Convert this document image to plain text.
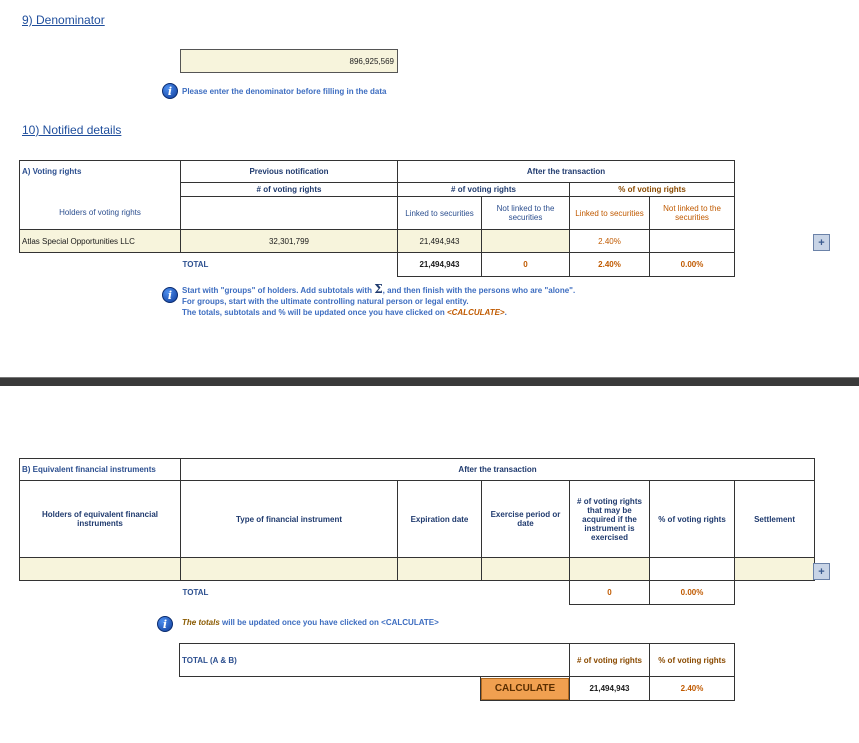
9) Denominator
896,925,569
i	Please enter the denominator before filling in the data
10) Notified details
A) Voting rights	Previous notification	After the transaction			
	# of voting rights	# of voting rights		% of voting rights	
Holders of voting rights		Linked to securities	Not linked to the securities	Linked to securities	Not linked to the securities
Atlas Special Opportunities LLC	32,301,799	21,494,943		2.40%	
	TOTAL	21,494,943	0	2.40%	0.00%
+
i	Start with "groups" of holders. Add subtotals with Σ, and then finish with the persons who are "alone".
For groups, start with the ultimate controlling natural person or legal entity.
The totals, subtotals and % will be updated once you have clicked on <CALCULATE>.
B) Equivalent financial instruments	After the transaction					
Holders of equivalent financial instruments	Type of financial instrument	Expiration date	Exercise period or date	# of voting rights that may be acquired if the instrument is exercised	% of voting rights	Settlement

	TOTAL			0	0.00%	
+
i	The totals will be updated once you have clicked on <CALCULATE>
TOTAL (A & B)		# of voting rights	% of voting rights

CALCULATE	21,494,943	2.40%
